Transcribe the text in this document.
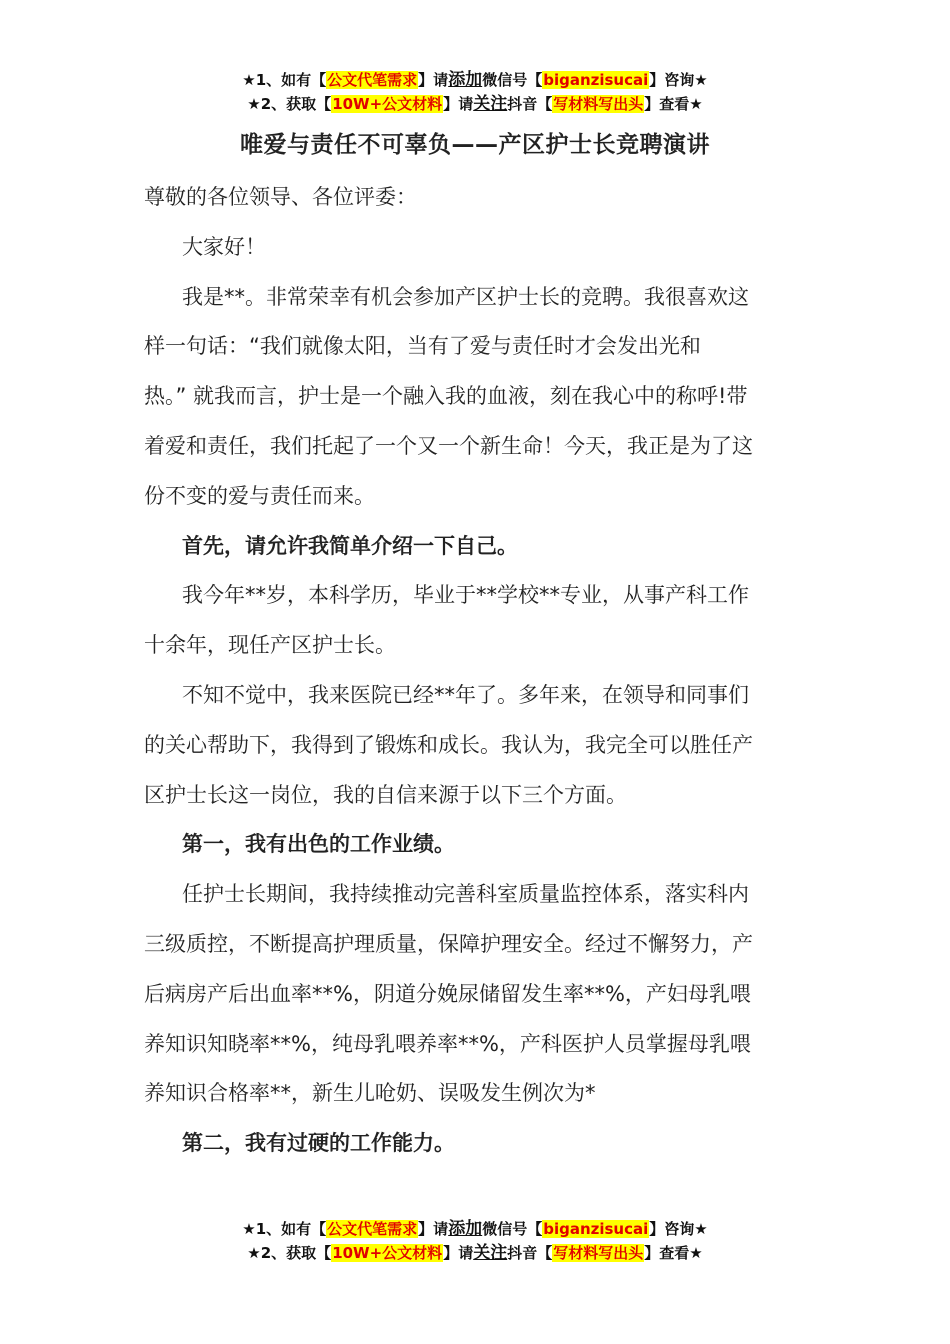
★1、如有【公文代笔需求】请添加微信号【biganzisucai】咨询★
★2、获取【10W+公文材料】请关注抖音【写材料写出头】查看★
唯爱与责任不可辜负——产区护士长竞聘演讲

尊敬的各位领导、各位评委：

大家好！

我是**。非常荣幸有机会参加产区护士长的竞聘。我很喜欢这
样一句话：“我们就像太阳，当有了爱与责任时才会发出光和
热。” 就我而言，护士是一个融入我的血液，刻在我心中的称呼!带
着爱和责任，我们托起了一个又一个新生命！今天，我正是为了这
份不变的爱与责任而来。

首先，请允许我简单介绍一下自己。

我今年**岁，本科学历，毕业于**学校**专业，从事产科工作
十余年，现任产区护士长。

不知不觉中，我来医院已经**年了。多年来，在领导和同事们
的关心帮助下，我得到了锻炼和成长。我认为，我完全可以胜任产
区护士长这一岗位，我的自信来源于以下三个方面。

第一，我有出色的工作业绩。

任护士长期间，我持续推动完善科室质量监控体系，落实科内
三级质控，不断提高护理质量，保障护理安全。经过不懈努力，产
后病房产后出血率**%，阴道分娩尿储留发生率**%，产妇母乳喂
养知识知晓率**%，纯母乳喂养率**%，产科医护人员掌握母乳喂
养知识合格率**，新生儿呛奶、误吸发生例次为*

第二，我有过硬的工作能力。

★1、如有【公文代笔需求】请添加微信号【biganzisucai】咨询★
★2、获取【10W+公文材料】请关注抖音【写材料写出头】查看★
